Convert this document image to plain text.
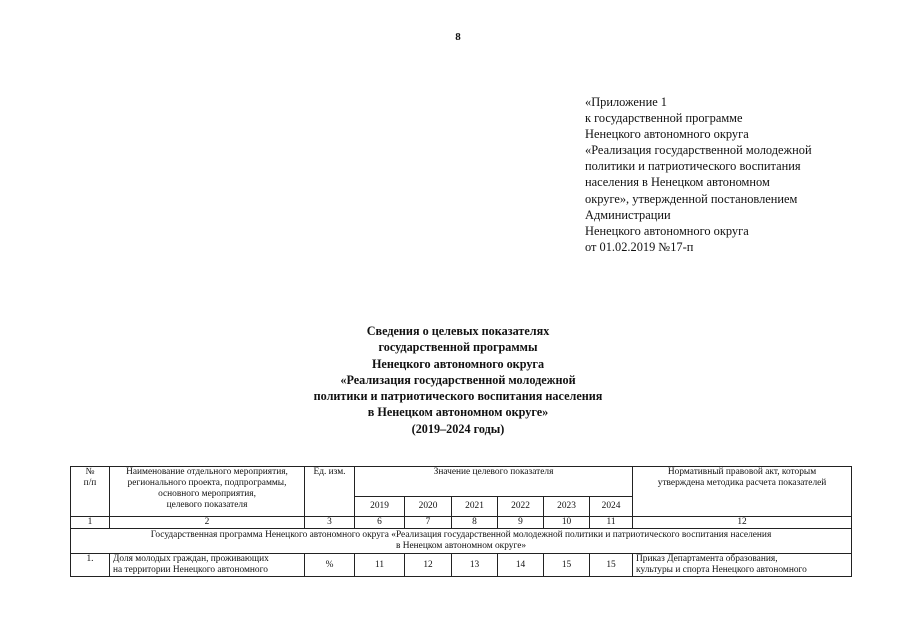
8
«Приложение 1
к государственной программе
Ненецкого автономного округа
«Реализация государственной молодежной
политики и патриотического воспитания
населения в Ненецком автономном
округе», утвержденной постановлением
Администрации
Ненецкого автономного округа
от 01.02.2019 №17-п
Сведения о целевых показателях
государственной программы
Ненецкого автономного округа
«Реализация государственной молодежной
политики и патриотического воспитания населения
в Ненецком автономном округе»
(2019–2024 годы)
№
п/п	Наименование отдельного мероприятия,
регионального проекта, подпрограммы,
основного мероприятия,
целевого показателя	Ед. изм.	Значение целевого показателя						Нормативный правовой акт, которым
утверждена методика расчета показателей
			2019	2020	2021	2022	2023	2024	
1	2	3	6	7	8	9	10	11	12
Государственная программа Ненецкого автономного округа «Реализация государственной молодежной политики и патриотического воспитания населения
в Ненецком автономном округе»									
1.	Доля молодых граждан, проживающих
на территории Ненецкого автономного	%	11	12	13	14	15	15	Приказ Департамента образования,
культуры и спорта Ненецкого автономного
